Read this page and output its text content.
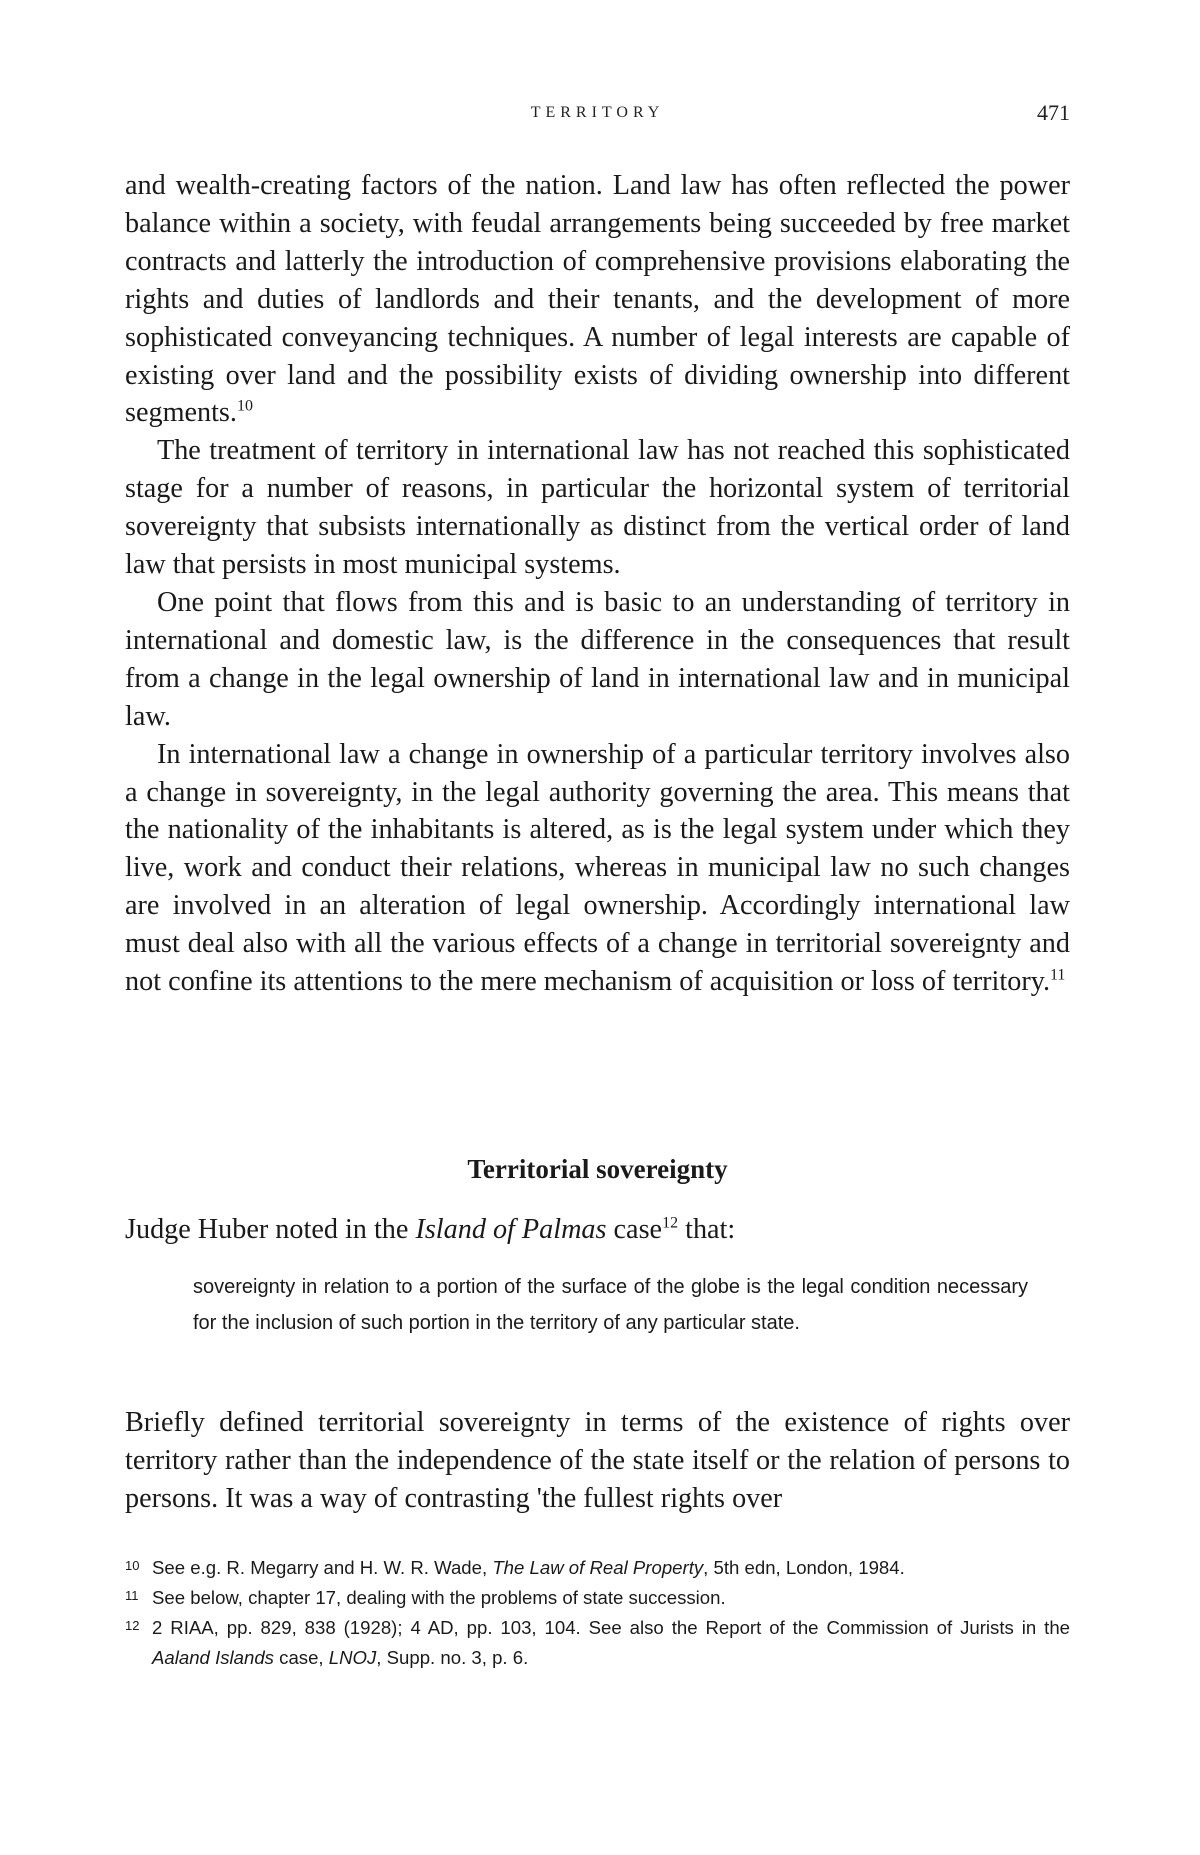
TERRITORY	471

and wealth-creating factors of the nation. Land law has often reflected the power balance within a society, with feudal arrangements being succeeded by free market contracts and latterly the introduction of comprehensive provisions elaborating the rights and duties of landlords and their tenants, and the development of more sophisticated conveyancing techniques. A number of legal interests are capable of existing over land and the possibility exists of dividing ownership into different segments.$^{10}$

The treatment of territory in international law has not reached this sophisticated stage for a number of reasons, in particular the horizontal system of territorial sovereignty that subsists internationally as distinct from the vertical order of land law that persists in most municipal systems.

One point that flows from this and is basic to an understanding of territory in international and domestic law, is the difference in the consequences that result from a change in the legal ownership of land in international law and in municipal law.

In international law a change in ownership of a particular territory involves also a change in sovereignty, in the legal authority governing the area. This means that the nationality of the inhabitants is altered, as is the legal system under which they live, work and conduct their relations, whereas in municipal law no such changes are involved in an alteration of legal ownership. Accordingly international law must deal also with all the various effects of a change in territorial sovereignty and not confine its attentions to the mere mechanism of acquisition or loss of territory.$^{11}$

Territorial sovereignty

Judge Huber noted in the Island of Palmas case$^{12}$ that:

sovereignty in relation to a portion of the surface of the globe is the legal condition necessary for the inclusion of such portion in the territory of any particular state.

Briefly defined territorial sovereignty in terms of the existence of rights over territory rather than the independence of the state itself or the relation of persons to persons. It was a way of contrasting 'the fullest rights over

10 See e.g. R. Megarry and H. W. R. Wade, The Law of Real Property, 5th edn, London, 1984.

11 See below, chapter 17, dealing with the problems of state succession.

12 2 RIAA, pp. 829, 838 (1928); 4 AD, pp. 103, 104. See also the Report of the Commission of Jurists in the Aaland Islands case, LNOJ, Supp. no. 3, p. 6.
